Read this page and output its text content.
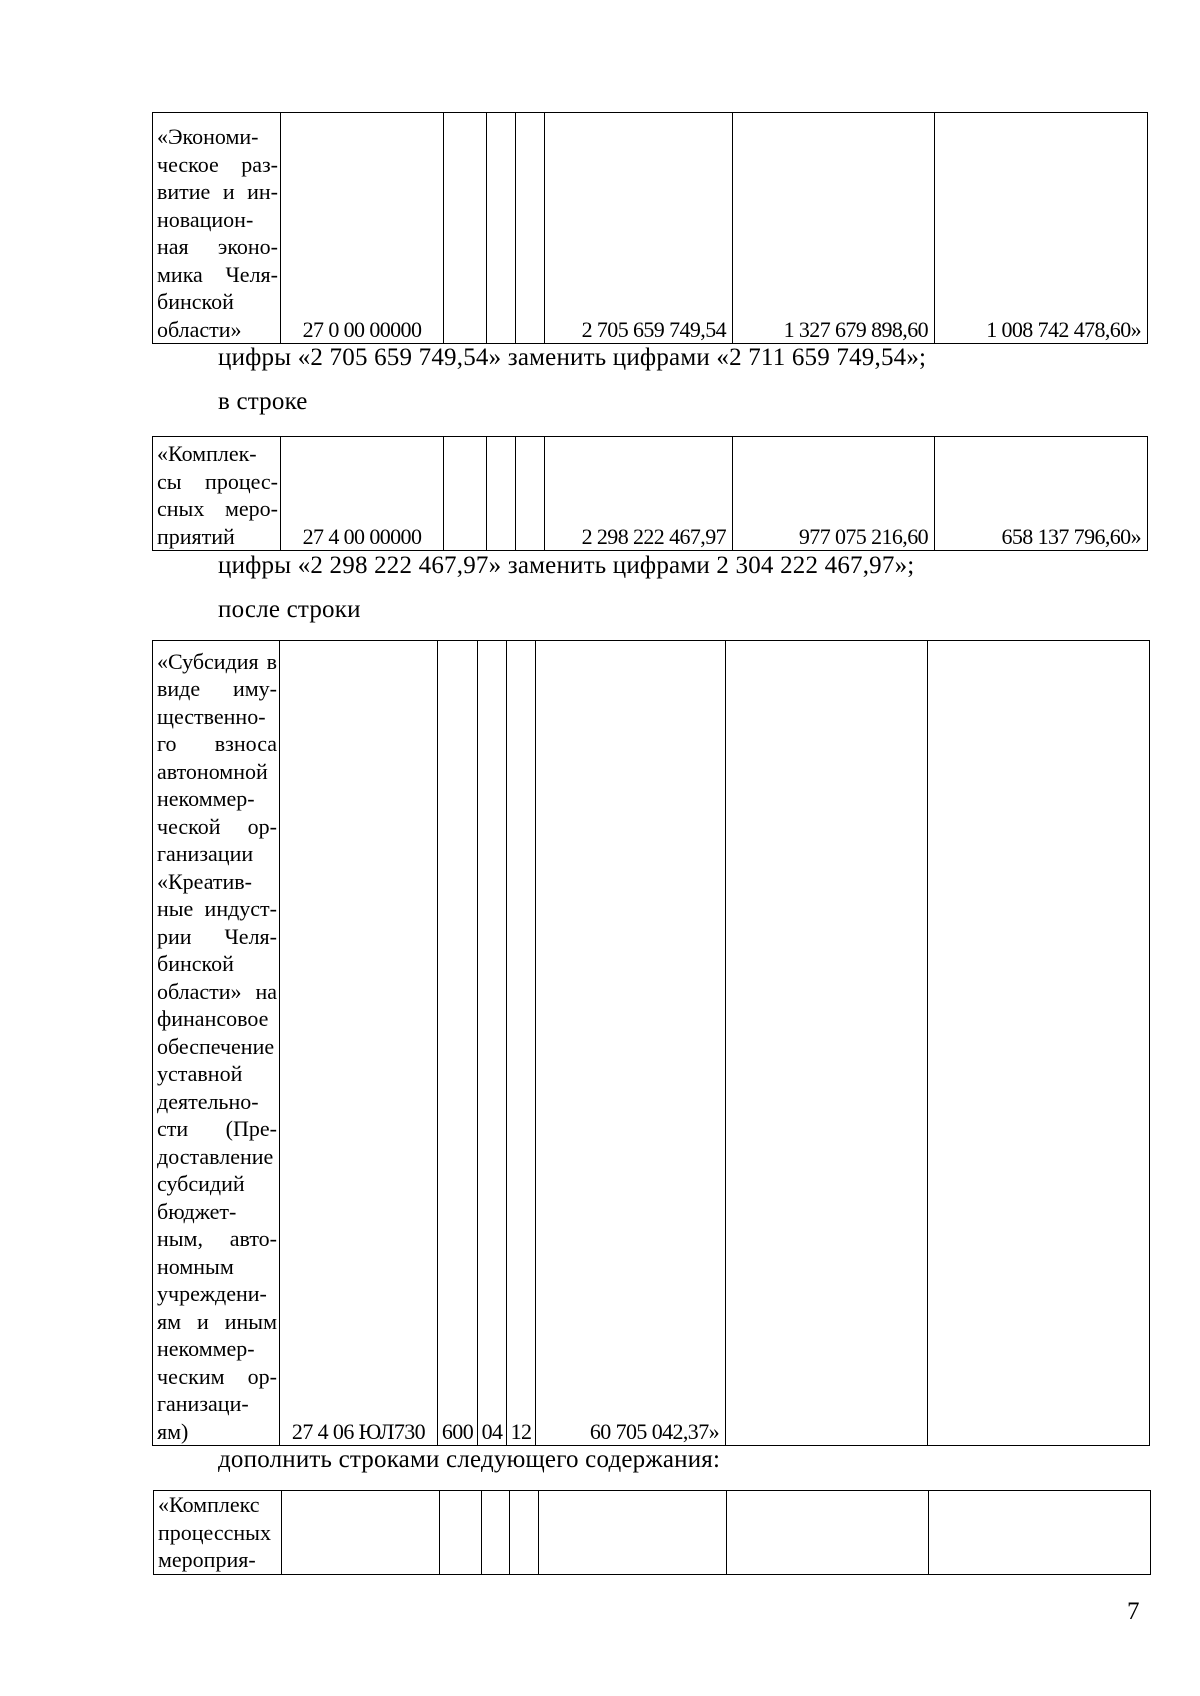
«Экономи-
ческое раз-
витие и ин-
новацион-
ная эконо-
мика Челя-
бинской
области»	27 0 00 00000				2 705 659 749,54	1 327 679 898,60	1 008 742 478,60»
цифры «2 705 659 749,54» заменить цифрами «2 711 659 749,54»;
в строке
«Комплек-
сы процес-
сных меро-
приятий	27 4 00 00000				2 298 222 467,97	977 075 216,60	658 137 796,60»
цифры «2 298 222 467,97» заменить цифрами 2 304 222 467,97»;
после строки
«Субсидия в
виде иму-
щественно-
го взноса
автономной
некоммер-
ческой ор-
ганизации
«Креатив-
ные индуст-
рии Челя-
бинской
области» на
финансовое
обеспечение
уставной
деятельно-
сти (Пре-
доставление
субсидий
бюджет-
ным, авто-
номным
учреждени-
ям и иным
некоммер-
ческим ор-
ганизаци-
ям)	27 4 06 ЮЛ730	600	04	12	60 705 042,37»		
дополнить строками следующего содержания:
«Комплекс
процессных
мероприя-

7
